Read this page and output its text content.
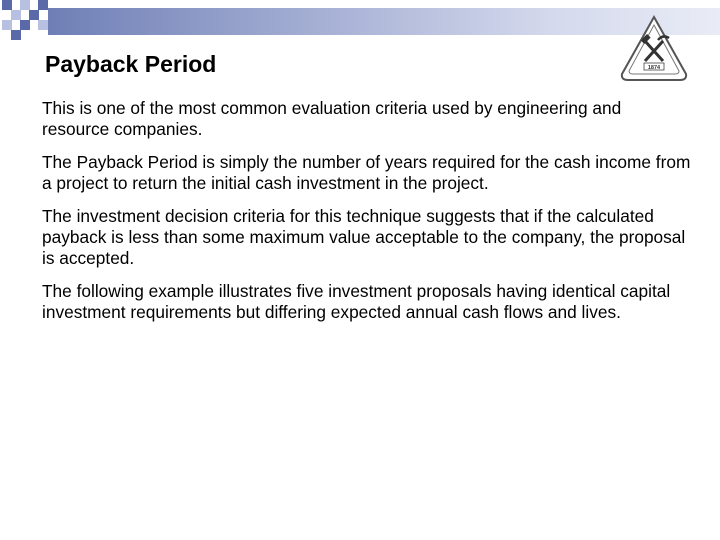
1874
Payback Period

This is one of the most common evaluation criteria used by engineering and resource companies.

The Payback Period is simply the number of years required for the cash income from a project to return the initial cash investment in the project.

The investment decision criteria for this technique suggests that if the calculated payback is less than some maximum value acceptable to the company, the proposal is accepted.

The following example illustrates five investment proposals having identical capital investment requirements but differing expected annual cash flows and lives.
